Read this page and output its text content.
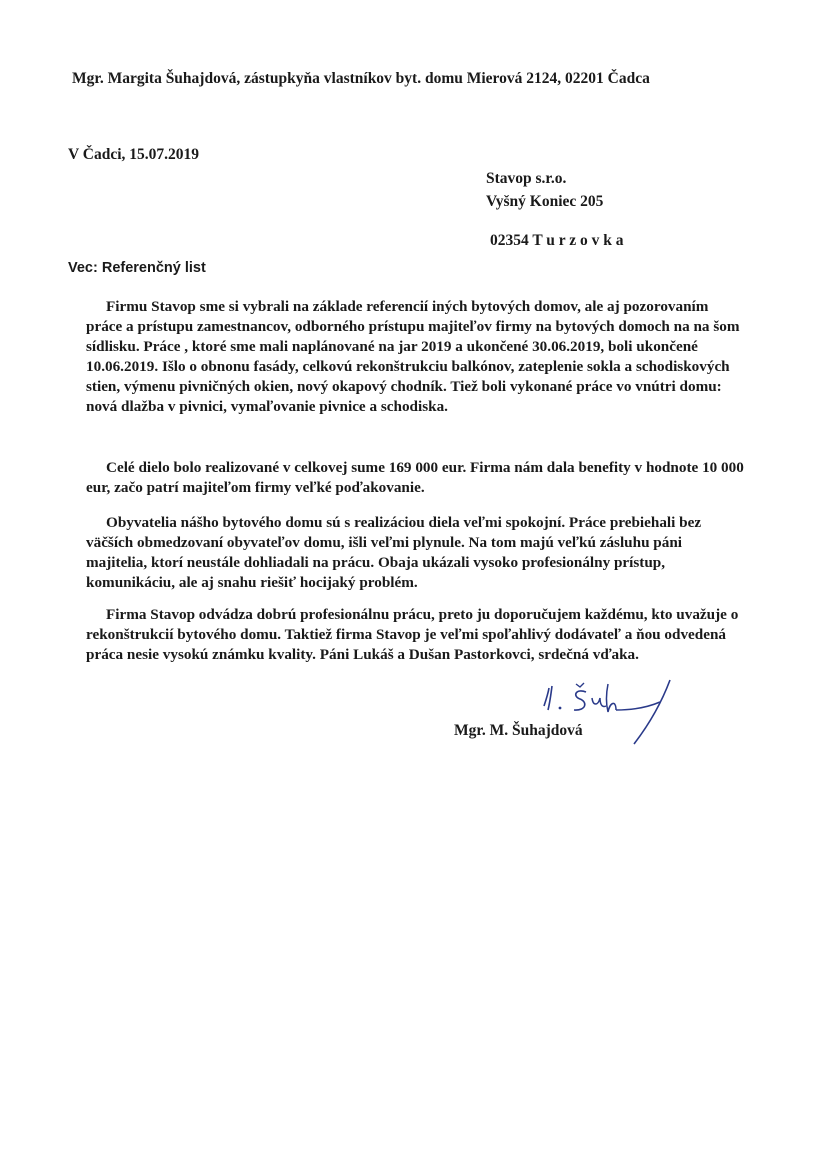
Mgr. Margita Šuhajdová, zástupkyňa vlastníkov byt. domu Mierová 2124, 02201 Čadca
V Čadci, 15.07.2019
Stavop s.r.o.
Vyšný Koniec 205
02354 T u r z o v k a
Vec: Referenčný list

Firmu Stavop sme si vybrali na základe referencií iných bytových domov, ale aj pozorovaním práce a prístupu zamestnancov, odborného prístupu majiteľov firmy na bytových domoch na na šom sídlisku. Práce , ktoré sme mali naplánované na jar 2019 a ukončené 30.06.2019, boli ukončené 10.06.2019. Išlo o obnonu fasády, celkovú rekonštrukciu balkónov, zateplenie sokla a schodiskových stien, výmenu pivničných okien, nový okapový chodník. Tiež boli vykonané práce vo vnútri domu: nová dlažba v pivnici, vymaľovanie pivnice a schodiska.

Celé dielo bolo realizované v celkovej sume 169 000 eur. Firma nám dala benefity v hodnote 10 000 eur, začo patrí majiteľom firmy veľké poďakovanie.

Obyvatelia nášho bytového domu sú s realizáciou diela veľmi spokojní. Práce prebiehali bez väčších obmedzovaní obyvateľov domu, išli veľmi plynule. Na tom majú veľkú zásluhu páni majitelia, ktorí neustále dohliadali na prácu. Obaja ukázali vysoko profesionálny prístup, komunikáciu, ale aj snahu riešiť hocijaký problém.

Firma Stavop odvádza dobrú profesionálnu prácu, preto ju doporučujem každému, kto uvažuje o rekonštrukcií bytového domu. Taktiež firma Stavop je veľmi spoľahlivý dodávateľ a ňou odvedená práca nesie vysokú známku kvality. Páni Lukáš a Dušan Pastorkovci, srdečná vďaka.

Mgr. M. Šuhajdová
